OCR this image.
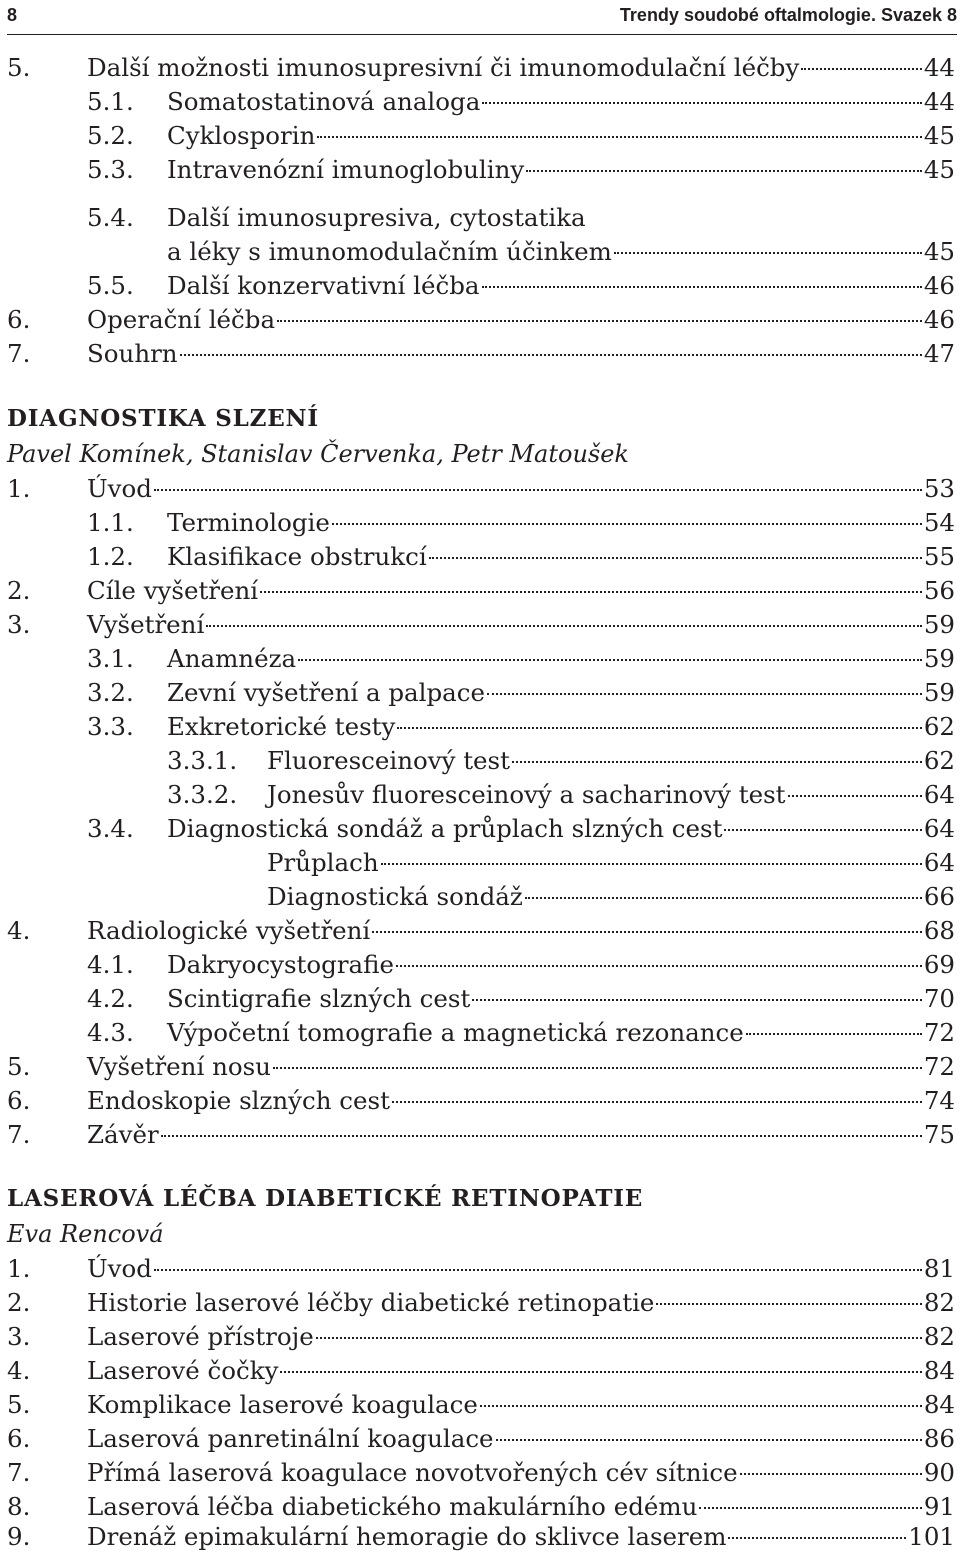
8	Trendy soudobé oftalmologie. Svazek 8
5.	Další možnosti imunosupresivní či imunomodulační léčby	44
5.1.	Somatostatinová analoga	44
5.2.	Cyklosporin	45
5.3.	Intravenózní imunoglobuliny	45
5.4. Další imunosupresiva, cytostatika
a léky s imunomodulačním účinkem	45
5.5.	Další konzervativní léčba	46
6.	Operační léčba	46
7.	Souhrn	47
DIAGNOSTIKA SLZENÍ
Pavel Komínek, Stanislav Červenka, Petr Matoušek
1.	Úvod	53
1.1.	Terminologie	54
1.2.	Klasifikace obstrukcí	55
2.	Cíle vyšetření	56
3.	Vyšetření	59
3.1.	Anamnéza	59
3.2.	Zevní vyšetření a palpace	59
3.3.	Exkretorické testy	62
3.3.1.	Fluoresceinový test	62
3.3.2.	Jonesův fluoresceinový a sacharinový test	64
3.4.	Diagnostická sondáž a průplach slzných cest	64
Průplach	64
Diagnostická sondáž	66
4.	Radiologické vyšetření	68
4.1.	Dakryocystografie	69
4.2.	Scintigrafie slzných cest	70
4.3.	Výpočetní tomografie a magnetická rezonance	72
5.	Vyšetření nosu	72
6.	Endoskopie slzných cest	74
7.	Závěr	75
LASEROVÁ LÉČBA DIABETICKÉ RETINOPATIE
Eva Rencová
1.	Úvod	81
2.	Historie laserové léčby diabetické retinopatie	82
3.	Laserové přístroje	82
4.	Laserové čočky	84
5.	Komplikace laserové koagulace	84
6.	Laserová panretinální koagulace	86
7.	Přímá laserová koagulace novotvořených cév sítnice	90
8.	Laserová léčba diabetického makulárního edému	91
9.	Drenáž epimakulární hemoragie do sklivce laserem	101
